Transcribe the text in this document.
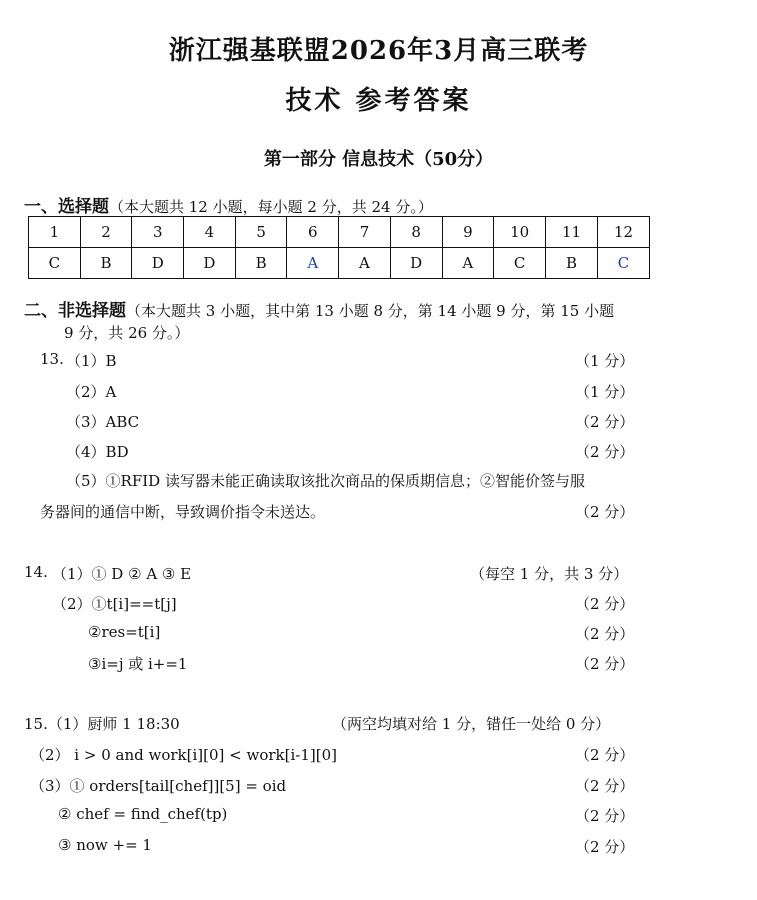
浙江强基联盟2026年3月高三联考
技术 参考答案
第一部分 信息技术（50分）
一、选择题（本大题共 12 小题，每小题 2 分，共 24 分。）
1	2	3	4	5	6	7	8	9	10	11	12
C	B	D	D	B	A	A	D	A	C	B	C
二、非选择题（本大题共 3 小题，其中第 13 小题 8 分，第 14 小题 9 分，第 15 小题
9 分，共 26 分。）
13. （1）B	（1 分）
（2）A	（1 分）
（3）ABC	（2 分）
（4）BD	（2 分）
（5）①RFID 读写器未能正确读取该批次商品的保质期信息；②智能价签与服
务器间的通信中断，导致调价指令未送达。	（2 分）
14. （1）① D ② A ③ E	（每空 1 分，共 3 分）
（2）①t[i]==t[j]	（2 分）
②res=t[i]	（2 分）
③i=j 或 i+=1	（2 分）
15.（1）厨师 1 18:30	（两空均填对给 1 分，错任一处给 0 分）
（2） i > 0 and work[i][0] < work[i-1][0]	（2 分）
（3）① orders[tail[chef]][5] = oid	（2 分）
② chef = find_chef(tp)	（2 分）
③ now += 1	（2 分）
